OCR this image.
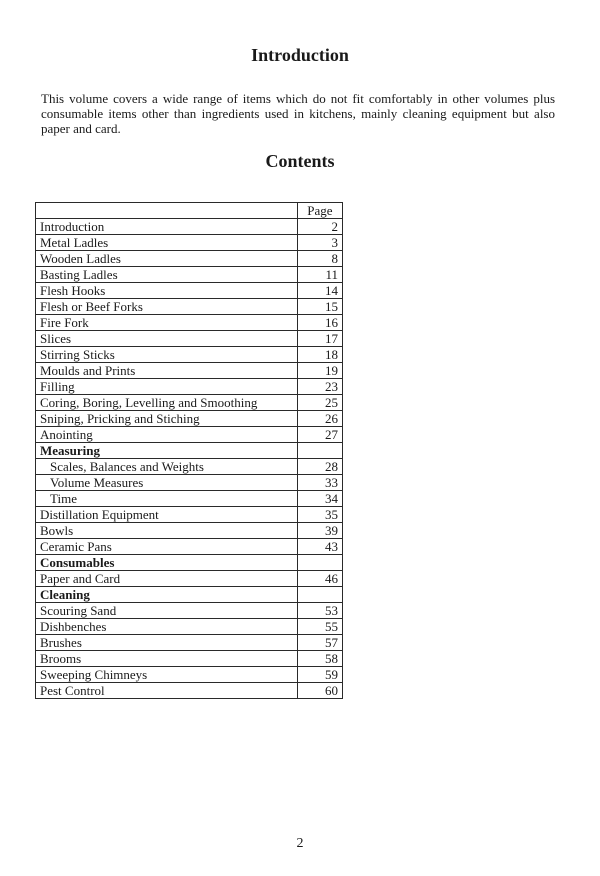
Introduction

This volume covers a wide range of items which do not fit comfortably in other volumes plus consumable items other than ingredients used in kitchens, mainly cleaning equipment but also paper and card.

Contents
	Page
Introduction	2
Metal Ladles	3
Wooden Ladles	8
Basting Ladles	11
Flesh Hooks	14
Flesh or Beef Forks	15
Fire Fork	16
Slices	17
Stirring Sticks	18
Moulds and Prints	19
Filling	23
Coring, Boring, Levelling and Smoothing	25
Sniping, Pricking and Stiching	26
Anointing	27
Measuring	
Scales, Balances and Weights	28
Volume Measures	33
Time	34
Distillation Equipment	35
Bowls	39
Ceramic Pans	43
Consumables	
Paper and Card	46
Cleaning	
Scouring Sand	53
Dishbenches	55
Brushes	57
Brooms	58
Sweeping Chimneys	59
Pest Control	60
2
